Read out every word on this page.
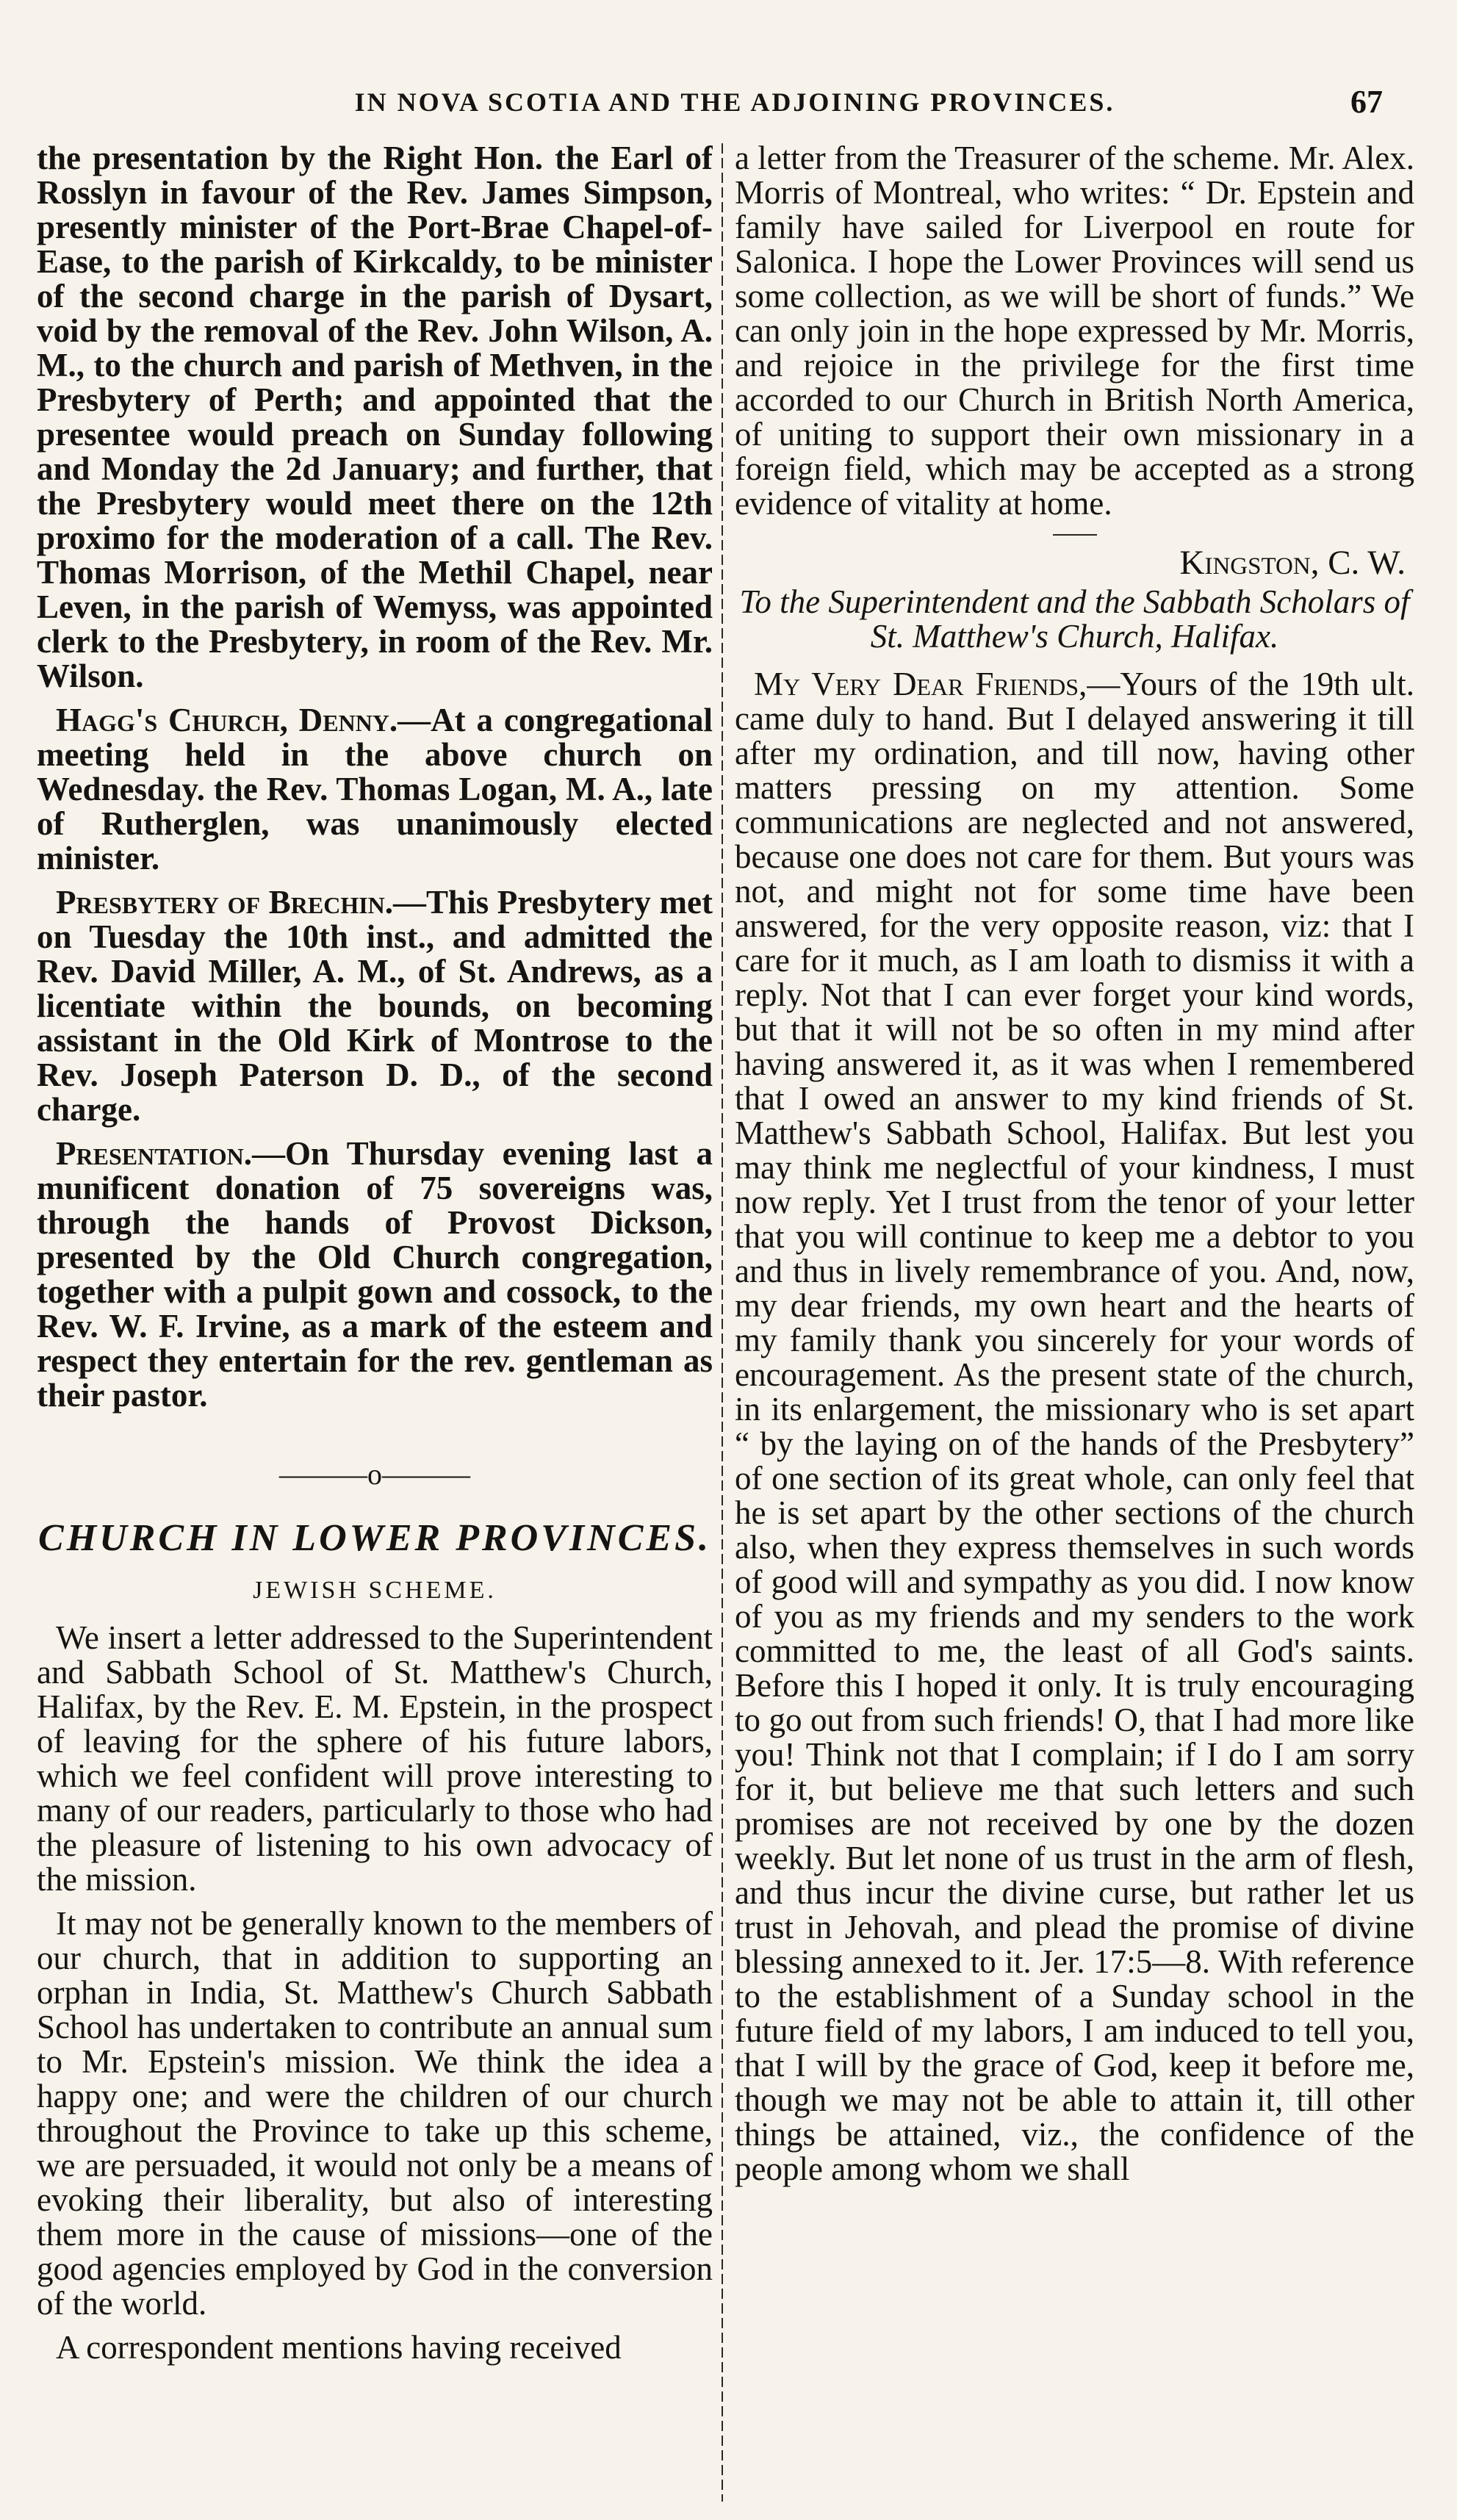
IN NOVA SCOTIA AND THE ADJOINING PROVINCES.	67

the presentation by the Right Hon. the Earl of Rosslyn in favour of the Rev. James Simpson, presently minister of the Port-Brae Chapel-of-Ease, to the parish of Kirkcaldy, to be minister of the second charge in the parish of Dysart, void by the removal of the Rev. John Wilson, A. M., to the church and parish of Methven, in the Presbytery of Perth; and appointed that the presentee would preach on Sunday following and Monday the 2d January; and further, that the Presbytery would meet there on the 12th proximo for the moderation of a call. The Rev. Thomas Morrison, of the Methil Chapel, near Leven, in the parish of Wemyss, was appointed clerk to the Presbytery, in room of the Rev. Mr. Wilson.

Hagg's Church, Denny.—At a congregational meeting held in the above church on Wednesday. the Rev. Thomas Logan, M. A., late of Rutherglen, was unanimously elected minister.

Presbytery of Brechin.—This Presbytery met on Tuesday the 10th inst., and admitted the Rev. David Miller, A. M., of St. Andrews, as a licentiate within the bounds, on becoming assistant in the Old Kirk of Montrose to the Rev. Joseph Paterson D. D., of the second charge.

Presentation.—On Thursday evening last a munificent donation of 75 sovereigns was, through the hands of Provost Dickson, presented by the Old Church congregation, together with a pulpit gown and cossock, to the Rev. W. F. Irvine, as a mark of the esteem and respect they entertain for the rev. gentleman as their pastor.

———o———
CHURCH IN LOWER PROVINCES.
JEWISH SCHEME.

We insert a letter addressed to the Superintendent and Sabbath School of St. Matthew's Church, Halifax, by the Rev. E. M. Epstein, in the prospect of leaving for the sphere of his future labors, which we feel confident will prove interesting to many of our readers, particularly to those who had the pleasure of listening to his own advocacy of the mission.

It may not be generally known to the members of our church, that in addition to supporting an orphan in India, St. Matthew's Church Sabbath School has undertaken to contribute an annual sum to Mr. Epstein's mission. We think the idea a happy one; and were the children of our church throughout the Province to take up this scheme, we are persuaded, it would not only be a means of evoking their liberality, but also of interesting them more in the cause of missions—one of the good agencies employed by God in the conversion of the world.

A correspondent mentions having received

a letter from the Treasurer of the scheme. Mr. Alex. Morris of Montreal, who writes: “ Dr. Epstein and family have sailed for Liverpool en route for Salonica. I hope the Lower Provinces will send us some collection, as we will be short of funds.” We can only join in the hope expressed by Mr. Morris, and rejoice in the privilege for the first time accorded to our Church in British North America, of uniting to support their own missionary in a foreign field, which may be accepted as a strong evidence of vitality at home.

Kingston, C. W.

To the Superintendent and the Sabbath Scholars of St. Matthew's Church, Halifax.

My Very Dear Friends,—Yours of the 19th ult. came duly to hand. But I delayed answering it till after my ordination, and till now, having other matters pressing on my attention. Some communications are neglected and not answered, because one does not care for them. But yours was not, and might not for some time have been answered, for the very opposite reason, viz: that I care for it much, as I am loath to dismiss it with a reply. Not that I can ever forget your kind words, but that it will not be so often in my mind after having answered it, as it was when I remembered that I owed an answer to my kind friends of St. Matthew's Sabbath School, Halifax. But lest you may think me neglectful of your kindness, I must now reply. Yet I trust from the tenor of your letter that you will continue to keep me a debtor to you and thus in lively remembrance of you. And, now, my dear friends, my own heart and the hearts of my family thank you sincerely for your words of encouragement. As the present state of the church, in its enlargement, the missionary who is set apart “ by the laying on of the hands of the Presbytery” of one section of its great whole, can only feel that he is set apart by the other sections of the church also, when they express themselves in such words of good will and sympathy as you did. I now know of you as my friends and my senders to the work committed to me, the least of all God's saints. Before this I hoped it only. It is truly encouraging to go out from such friends! O, that I had more like you! Think not that I complain; if I do I am sorry for it, but believe me that such letters and such promises are not received by one by the dozen weekly. But let none of us trust in the arm of flesh, and thus incur the divine curse, but rather let us trust in Jehovah, and plead the promise of divine blessing annexed to it. Jer. 17:5—8. With reference to the establishment of a Sunday school in the future field of my labors, I am induced to tell you, that I will by the grace of God, keep it before me, though we may not be able to attain it, till other things be attained, viz., the confidence of the people among whom we shall
